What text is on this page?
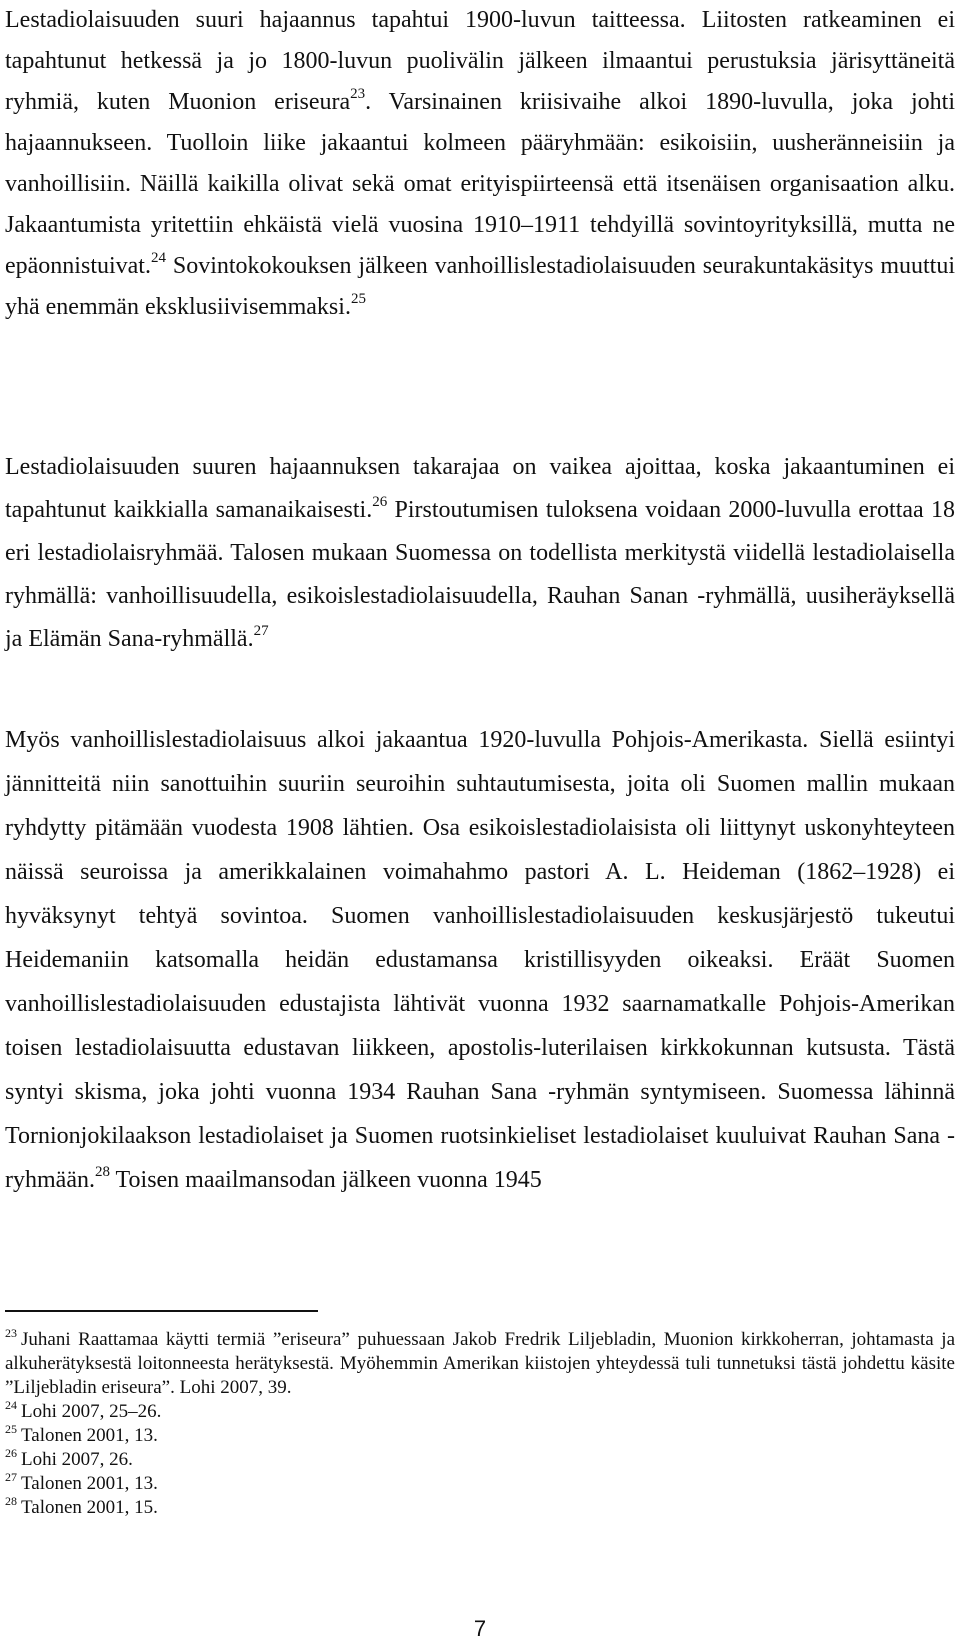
Lestadiolaisuuden suuri hajaannus tapahtui 1900-luvun taitteessa. Liitosten ratkeaminen ei tapahtunut hetkessä ja jo 1800-luvun puolivälin jälkeen ilmaantui perustuksia järisyttäneitä ryhmiä, kuten Muonion eriseura$^{23}$. Varsinainen kriisivaihe alkoi 1890-luvulla, joka johti hajaannukseen. Tuolloin liike jakaantui kolmeen pääryhmään: esikoisiin, uusheränneisiin ja vanhoillisiin. Näillä kaikilla olivat sekä omat erityispiirteensä että itsenäisen organisaation alku. Jakaantumista yritettiin ehkäistä vielä vuosina 1910–1911 tehdyillä sovintoyrityksillä, mutta ne epäonnistuivat.$^{24}$ Sovintokokouksen jälkeen vanhoillislestadiolaisuuden seurakuntakäsitys muuttui yhä enemmän eksklusiivisemmaksi.$^{25}$

Lestadiolaisuuden suuren hajaannuksen takarajaa on vaikea ajoittaa, koska jakaantuminen ei tapahtunut kaikkialla samanaikaisesti.$^{26}$ Pirstoutumisen tuloksena voidaan 2000-luvulla erottaa 18 eri lestadiolaisryhmää. Talosen mukaan Suomessa on todellista merkitystä viidellä lestadiolaisella ryhmällä: vanhoillisuudella, esikoislestadiolaisuudella, Rauhan Sanan -ryhmällä, uusiheräyksellä ja Elämän Sana-ryhmällä.$^{27}$

Myös vanhoillislestadiolaisuus alkoi jakaantua 1920-luvulla Pohjois-Amerikasta. Siellä esiintyi jännitteitä niin sanottuihin suuriin seuroihin suhtautumisesta, joita oli Suomen mallin mukaan ryhdytty pitämään vuodesta 1908 lähtien. Osa esikoislestadiolaisista oli liittynyt uskonyhteyteen näissä seuroissa ja amerikkalainen voimahahmo pastori A. L. Heideman (1862–1928) ei hyväksynyt tehtyä sovintoa. Suomen vanhoillislestadiolaisuuden keskusjärjestö tukeutui Heidemaniin katsomalla heidän edustamansa kristillisyyden oikeaksi. Eräät Suomen vanhoillislestadiolaisuuden edustajista lähtivät vuonna 1932 saarnamatkalle Pohjois-Amerikan toisen lestadiolaisuutta edustavan liikkeen, apostolis-luterilaisen kirkkokunnan kutsusta. Tästä syntyi skisma, joka johti vuonna 1934 Rauhan Sana -ryhmän syntymiseen. Suomessa lähinnä Tornionjokilaakson lestadiolaiset ja Suomen ruotsinkieliset lestadiolaiset kuuluivat Rauhan Sana -ryhmään.$^{28}$ Toisen maailmansodan jälkeen vuonna 1945

$^{23}$ Juhani Raattamaa käytti termiä ”eriseura” puhuessaan Jakob Fredrik Liljebladin, Muonion kirkkoherran, johtamasta ja alkuherätyksestä loitonneesta herätyksestä. Myöhemmin Amerikan kiistojen yhteydessä tuli tunnetuksi tästä johdettu käsite ”Liljebladin eriseura”. Lohi 2007, 39.

$^{24}$ Lohi 2007, 25–26.

$^{25}$ Talonen 2001, 13.

$^{26}$ Lohi 2007, 26.

$^{27}$ Talonen 2001, 13.

$^{28}$ Talonen 2001, 15.

7
